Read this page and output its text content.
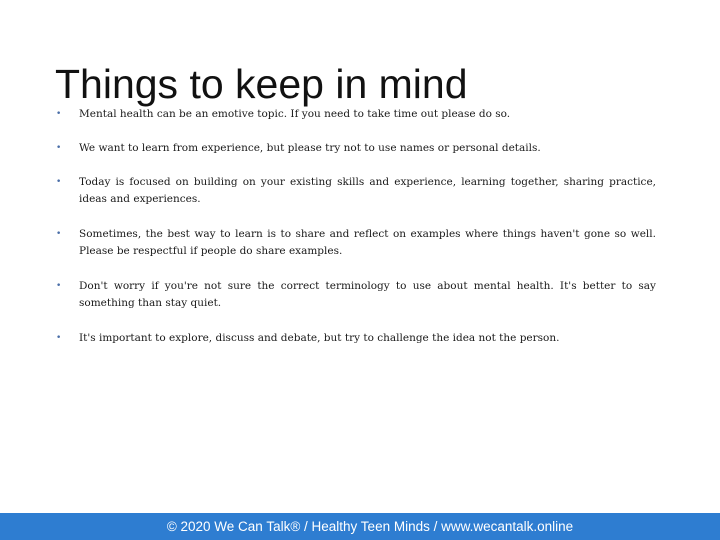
Things to keep in mind
• Mental health can be an emotive topic. If you need to take time out please do so.
• We want to learn from experience, but please try not to use names or personal details.
• Today is focused on building on your existing skills and experience, learning together, sharing practice, ideas and experiences.
• Sometimes, the best way to learn is to share and reflect on examples where things haven't gone so well. Please be respectful if people do share examples.
• Don't worry if you're not sure the correct terminology to use about mental health. It's better to say something than stay quiet.
• It's important to explore, discuss and debate, but try to challenge the idea not the person.
© 2020 We Can Talk® / Healthy Teen Minds / www.wecantalk.online
